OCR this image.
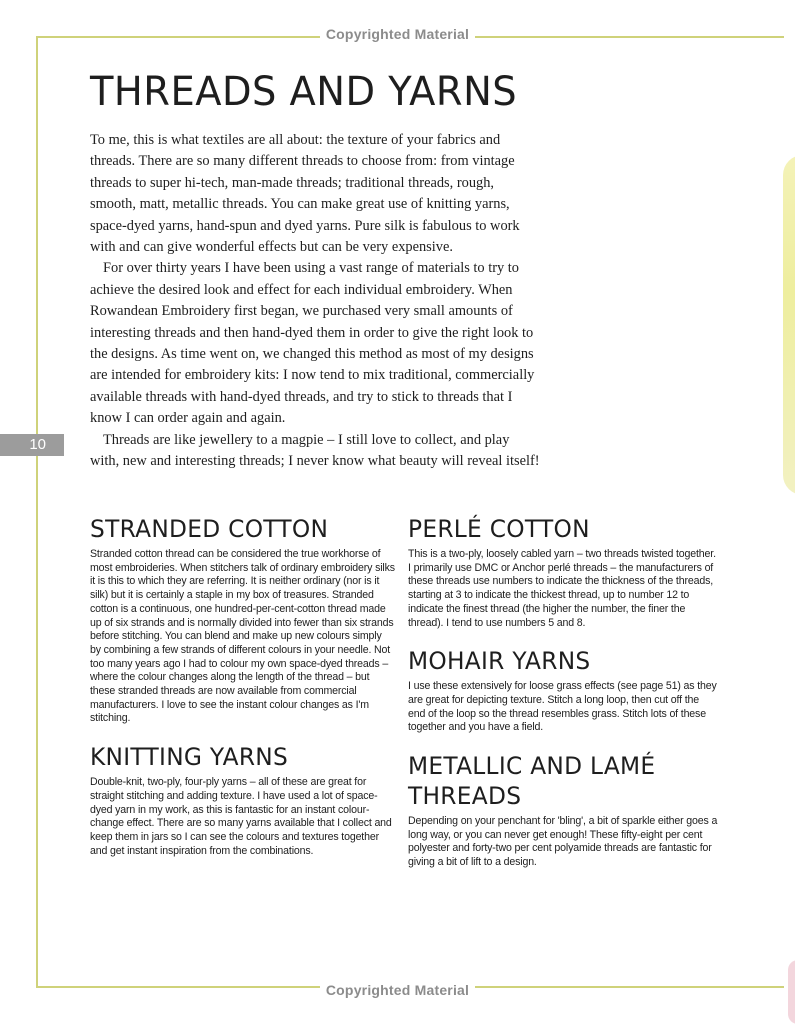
Copyrighted Material
Copyrighted Material
10
THREADS AND YARNS

To me, this is what textiles are all about: the texture of your fabrics and threads. There are so many different threads to choose from: from vintage threads to super hi-tech, man-made threads; traditional threads, rough, smooth, matt, metallic threads. You can make great use of knitting yarns, space-dyed yarns, hand-spun and dyed yarns. Pure silk is fabulous to work with and can give wonderful effects but can be very expensive.

For over thirty years I have been using a vast range of materials to try to achieve the desired look and effect for each individual embroidery. When Rowandean Embroidery first began, we purchased very small amounts of interesting threads and then hand-dyed them in order to give the right look to the designs. As time went on, we changed this method as most of my designs are intended for embroidery kits: I now tend to mix traditional, commercially available threads with hand-dyed threads, and try to stick to threads that I know I can order again and again.

Threads are like jewellery to a magpie – I still love to collect, and play with, new and interesting threads; I never know what beauty will reveal itself!

STRANDED COTTON

Stranded cotton thread can be considered the true workhorse of most embroideries. When stitchers talk of ordinary embroidery silks it is this to which they are referring. It is neither ordinary (nor is it silk) but it is certainly a staple in my box of treasures. Stranded cotton is a continuous, one hundred-per-cent-cotton thread made up of six strands and is normally divided into fewer than six strands before stitching. You can blend and make up new colours simply by combining a few strands of different colours in your needle. Not too many years ago I had to colour my own space-dyed threads – where the colour changes along the length of the thread – but these stranded threads are now available from commercial manufacturers. I love to see the instant colour changes as I'm stitching.

KNITTING YARNS

Double-knit, two-ply, four-ply yarns – all of these are great for straight stitching and adding texture. I have used a lot of space-dyed yarn in my work, as this is fantastic for an instant colour-change effect. There are so many yarns available that I collect and keep them in jars so I can see the colours and textures together and get instant inspiration from the combinations.

PERLÉ COTTON

This is a two-ply, loosely cabled yarn – two threads twisted together. I primarily use DMC or Anchor perlé threads – the manufacturers of these threads use numbers to indicate the thickness of the threads, starting at 3 to indicate the thickest thread, up to number 12 to indicate the finest thread (the higher the number, the finer the thread). I tend to use numbers 5 and 8.

MOHAIR YARNS

I use these extensively for loose grass effects (see page 51) as they are great for depicting texture. Stitch a long loop, then cut off the end of the loop so the thread resembles grass. Stitch lots of these together and you have a field.

METALLIC AND LAMÉ THREADS

Depending on your penchant for 'bling', a bit of sparkle either goes a long way, or you can never get enough! These fifty-eight per cent polyester and forty-two per cent polyamide threads are fantastic for giving a bit of lift to a design.
